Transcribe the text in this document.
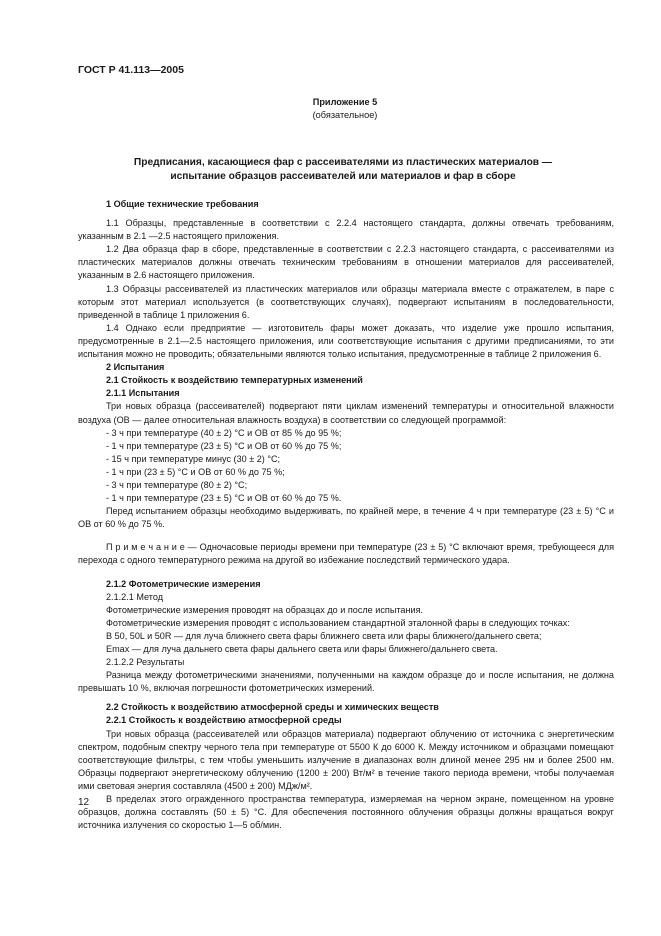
ГОСТ Р 41.113—2005
Приложение 5
(обязательное)
Предписания, касающиеся фар с рассеивателями из пластических материалов —
испытание образцов рассеивателей или материалов и фар в сборе

1 Общие технические требования

1.1 Образцы, представленные в соответствии с 2.2.4 настоящего стандарта, должны отвечать требованиям, указанным в 2.1 —2.5 настоящего приложения.

1.2 Два образца фар в сборе, представленные в соответствии с 2.2.3 настоящего стандарта, с рассеивателями из пластических материалов должны отвечать техническим требованиям в отношении материалов для рассеивателей, указанным в 2.6 настоящего приложения.

1.3 Образцы рассеивателей из пластических материалов или образцы материала вместе с отражателем, в паре с которым этот материал используется (в соответствующих случаях), подвергают испытаниям в последовательности, приведенной в таблице 1 приложения 6.

1.4 Однако если предприятие — изготовитель фары может доказать, что изделие уже прошло испытания, предусмотренные в 2.1—2.5 настоящего приложения, или соответствующие испытания с другими предписаниями, то эти испытания можно не проводить; обязательными являются только испытания, предусмотренные в таблице 2 приложения 6.

2 Испытания

2.1 Стойкость к воздействию температурных изменений

2.1.1 Испытания

Три новых образца (рассеивателей) подвергают пяти циклам изменений температуры и относительной влажности воздуха (ОВ — далее относительная влажность воздуха) в соответствии со следующей программой:

- 3 ч при температуре (40 ± 2) °С и ОВ от 85 % до 95 %;

- 1 ч при температуре (23 ± 5) °С и ОВ от 60 % до 75 %;

- 15 ч при температуре минус (30 ± 2) °С;

- 1 ч при (23 ± 5) °С и ОВ от 60 % до 75 %;

- 3 ч при температуре (80 ± 2) °С;

- 1 ч при температуре (23 ± 5) °С и ОВ от 60 % до 75 %.

Перед испытанием образцы необходимо выдерживать, по крайней мере, в течение 4 ч при температуре (23 ± 5) °С и ОВ от 60 % до 75 %.

П р и м е ч а н и е — Одночасовые периоды времени при температуре (23 ± 5) °С включают время, требующееся для перехода с одного температурного режима на другой во избежание последствий термического удара.

2.1.2 Фотометрические измерения

2.1.2.1 Метод

Фотометрические измерения проводят на образцах до и после испытания.

Фотометрические измерения проводят с использованием стандартной эталонной фары в следующих точках:

B 50, 50L и 50R — для луча ближнего света фары ближнего света или фары ближнего/дальнего света;

Emax — для луча дальнего света фары дальнего света или фары ближнего/дальнего света.

2.1.2.2 Результаты

Разница между фотометрическими значениями, полученными на каждом образце до и после испытания, не должна превышать 10 %, включая погрешности фотометрических измерений.

2.2 Стойкость к воздействию атмосферной среды и химических веществ

2.2.1 Стойкость к воздействию атмосферной среды

Три новых образца (рассеивателей или образцов материала) подвергают облучению от источника с энергетическим спектром, подобным спектру черного тела при температуре от 5500 К до 6000 К. Между источником и образцами помещают соответствующие фильтры, с тем чтобы уменьшить излучение в диапазонах волн длиной менее 295 нм и более 2500 нм. Образцы подвергают энергетическому облучению (1200 ± 200) Вт/м² в течение такого периода времени, чтобы получаемая ими световая энергия составляла (4500 ± 200) МДж/м².

В пределах этого огражденного пространства температура, измеряемая на черном экране, помещенном на уровне образцов, должна составлять (50 ± 5) °С. Для обеспечения постоянного облучения образцы должны вращаться вокруг источника излучения со скоростью 1—5 об/мин.

12
